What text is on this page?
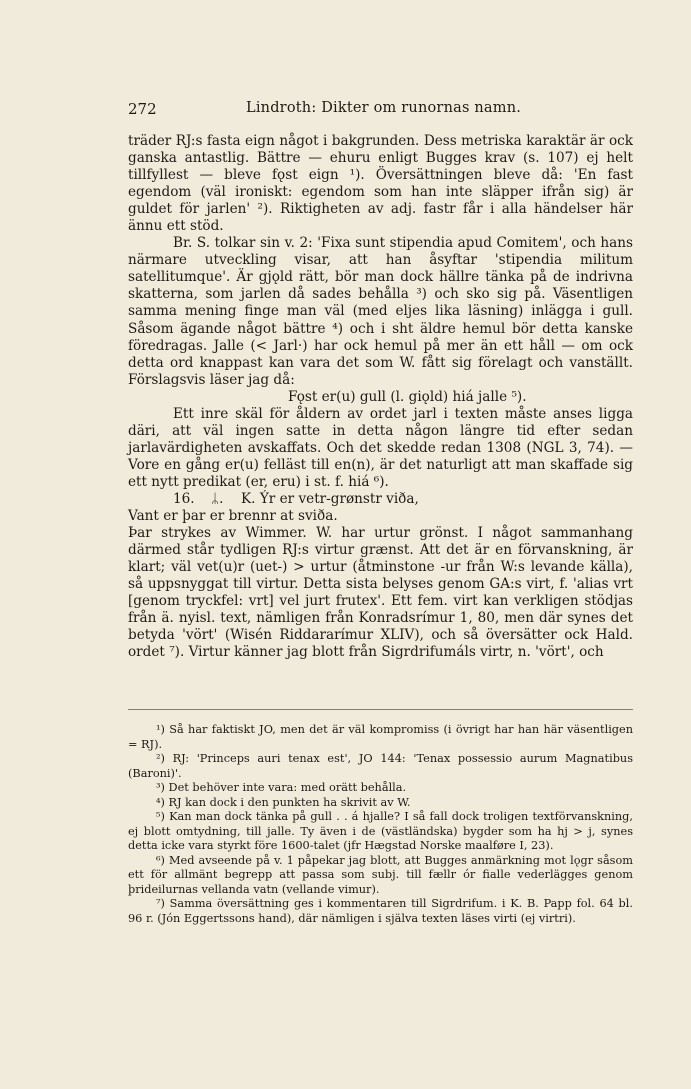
272	Lindroth: Dikter om runornas namn.

träder RJ:s fasta eign något i bakgrunden. Dess metriska karaktär är ock ganska antastlig. Bättre — ehuru enligt Bugges krav (s. 107) ej helt tillfyllest — bleve fǫst eign ¹). Översättningen bleve då: 'En fast egendom (väl ironiskt: egendom som han inte släpper ifrån sig) är guldet för jarlen' ²). Riktigheten av adj. fastr får i alla händelser här ännu ett stöd.

Br. S. tolkar sin v. 2: 'Fixa sunt stipendia apud Comitem', och hans närmare utveckling visar, att han åsyftar 'stipendia militum satellitumque'. Är gjǫld rätt, bör man dock hällre tänka på de indrivna skatterna, som jarlen då sades behålla ³) och sko sig på. Väsentligen samma mening finge man väl (med eljes lika läsning) inlägga i gull. Såsom ägande något bättre ⁴) och i sht äldre hemul bör detta kanske föredragas. Jalle (< Jarl·) har ock hemul på mer än ett håll — om ock detta ord knappast kan vara det som W. fått sig förelagt och vanställt. Förslagsvis läser jag då:

Fǫst er(u) gull (l. giǫld) hiá jalle ⁵).

Ett inre skäl för åldern av ordet jarl i texten måste anses ligga däri, att väl ingen satte in detta någon längre tid efter sedan jarlavärdigheten avskaffats. Och det skedde redan 1308 (NGL 3, 74). — Vore en gång er(u) felläst till en(n), är det naturligt att man skaffade sig ett nytt predikat (er, eru) i st. f. hiá ⁶).

16. ᛦ. K. Ýr er vetr-grønstr viða,

Vant er þar er brennr at sviða.

Þar strykes av Wimmer. W. har urtur grönst. I något sammanhang därmed står tydligen RJ:s virtur grænst. Att det är en förvanskning, är klart; väl vet(u)r (uet-) > urtur (åtminstone -ur från W:s levande källa), så uppsnyggat till virtur. Detta sista belyses genom GA:s virt, f. 'alias vrt [genom tryckfel: vrt] vel jurt frutex'. Ett fem. virt kan verkligen stödjas från ä. nyisl. text, nämligen från Konradsrímur 1, 80, men där synes det betyda 'vört' (Wisén Riddararímur XLIV), och så översätter ock Hald. ordet ⁷). Virtur känner jag blott från Sigrdrifumáls virtr, n. 'vört', och

¹) Så har faktiskt JO, men det är väl kompromiss (i övrigt har han här väsentligen = RJ).

²) RJ: 'Princeps auri tenax est', JO 144: 'Tenax possessio aurum Magnatibus (Baroni)'.

³) Det behöver inte vara: med orätt behålla.

⁴) RJ kan dock i den punkten ha skrivit av W.

⁵) Kan man dock tänka på gull . . á hjalle? I så fall dock troligen textförvanskning, ej blott omtydning, till jalle. Ty även i de (västländska) bygder som ha hj > j, synes detta icke vara styrkt före 1600-talet (jfr Hægstad Norske maalføre I, 23).

⁶) Med avseende på v. 1 påpekar jag blott, att Bugges anmärkning mot lǫgr såsom ett för allmänt begrepp att passa som subj. till fællr ór fialle vederlägges genom þrideilurnas vellanda vatn (vellande vimur).

⁷) Samma översättning ges i kommentaren till Sigrdrifum. i K. B. Papp fol. 64 bl. 96 r. (Jón Eggertssons hand), där nämligen i själva texten läses virti (ej virtri).
